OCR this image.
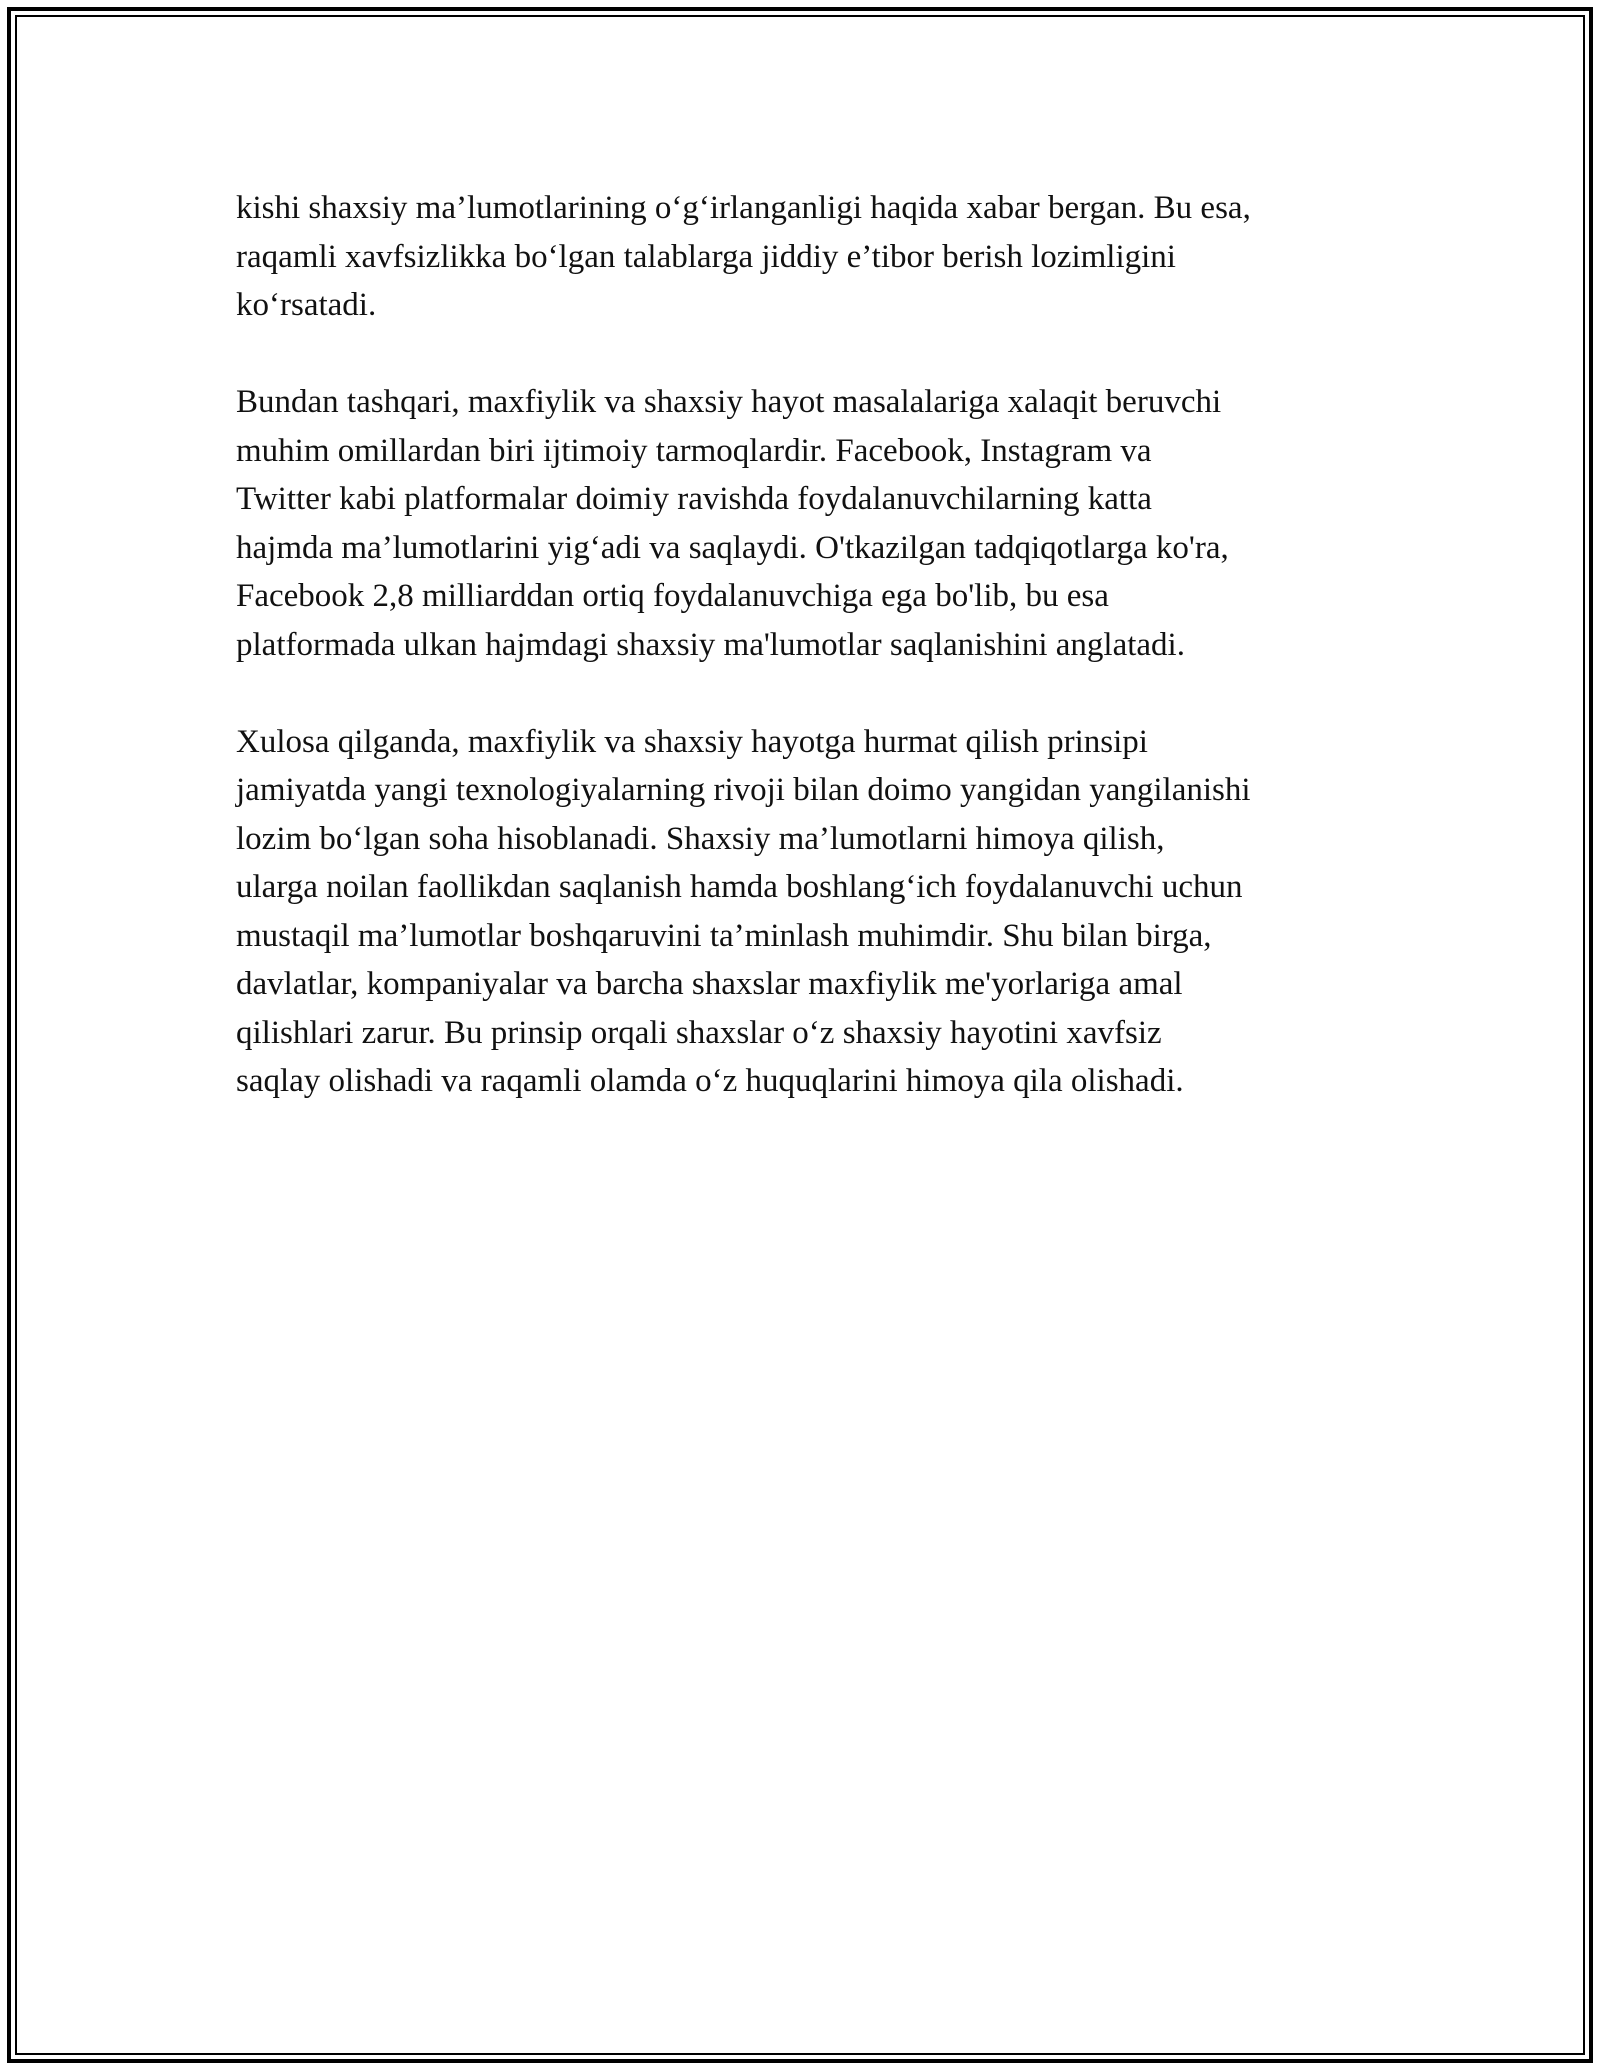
kishi shaxsiy ma’lumotlarining o‘g‘irlanganligi haqida xabar bergan. Bu esa,
raqamli xavfsizlikka bo‘lgan talablarga jiddiy e’tibor berish lozimligini
ko‘rsatadi.

Bundan tashqari, maxfiylik va shaxsiy hayot masalalariga xalaqit beruvchi
muhim omillardan biri ijtimoiy tarmoqlardir. Facebook, Instagram va
Twitter kabi platformalar doimiy ravishda foydalanuvchilarning katta
hajmda ma’lumotlarini yig‘adi va saqlaydi. O'tkazilgan tadqiqotlarga ko'ra,
Facebook 2,8 milliarddan ortiq foydalanuvchiga ega bo'lib, bu esa
platformada ulkan hajmdagi shaxsiy ma'lumotlar saqlanishini anglatadi.

Xulosa qilganda, maxfiylik va shaxsiy hayotga hurmat qilish prinsipi
jamiyatda yangi texnologiyalarning rivoji bilan doimo yangidan yangilanishi
lozim bo‘lgan soha hisoblanadi. Shaxsiy ma’lumotlarni himoya qilish,
ularga noilan faollikdan saqlanish hamda boshlang‘ich foydalanuvchi uchun
mustaqil ma’lumotlar boshqaruvini ta’minlash muhimdir. Shu bilan birga,
davlatlar, kompaniyalar va barcha shaxslar maxfiylik me'yorlariga amal
qilishlari zarur. Bu prinsip orqali shaxslar o‘z shaxsiy hayotini xavfsiz
saqlay olishadi va raqamli olamda o‘z huquqlarini himoya qila olishadi.
